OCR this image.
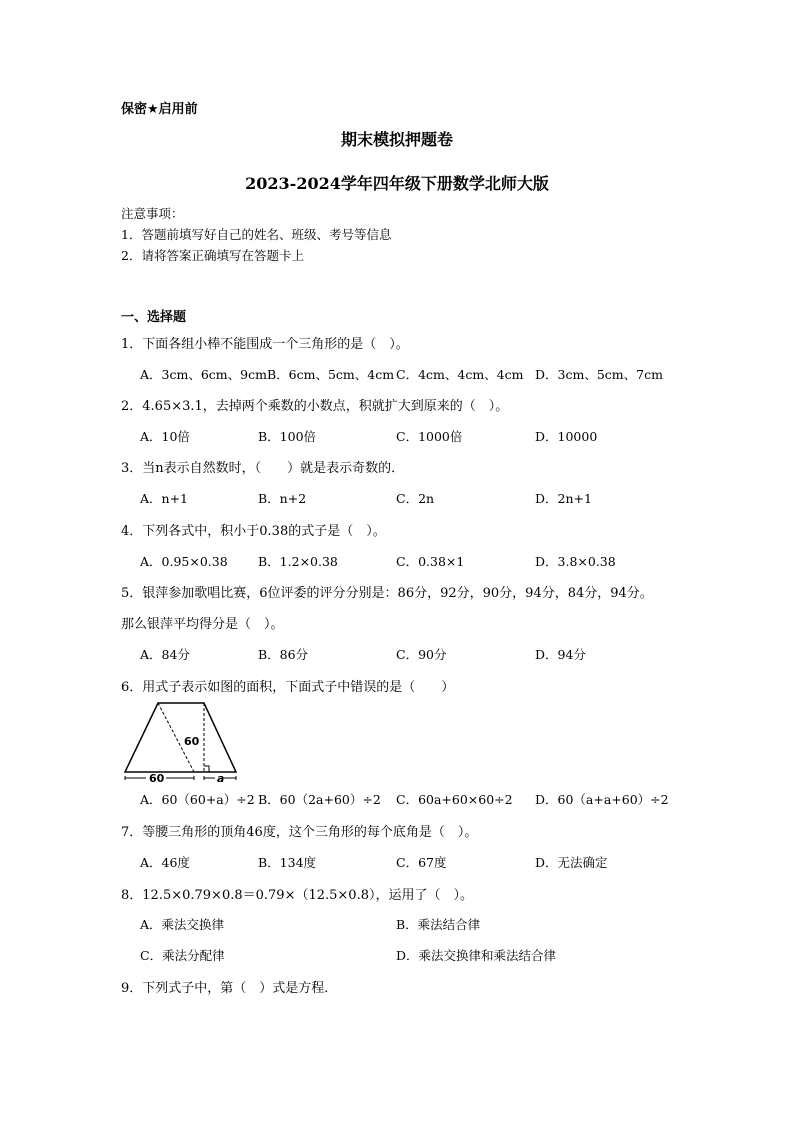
保密★启用前
期末模拟押题卷
2023-2024学年四年级下册数学北师大版
注意事项：
1．答题前填写好自己的姓名、班级、考号等信息
2．请将答案正确填写在答题卡上
一、选择题
1．下面各组小棒不能围成一个三角形的是（　）。
A．3cm、6cm、9cmB．6cm、5cm、4cm C．4cm、4cm、4cm D．3cm、5cm、7cm
2．4.65×3.1，去掉两个乘数的小数点，积就扩大到原来的（　）。
A．10倍	B．100倍	C．1000倍	D．10000
3．当n表示自然数时，（　　）就是表示奇数的．
A．n+1	B．n+2	C．2n	D．2n+1
4．下列各式中，积小于0.38的式子是（　）。
A．0.95×0.38 B．1.2×0.38	C．0.38×1	D．3.8×0.38
5．银萍参加歌唱比赛，6位评委的评分分别是：86分，92分，90分，94分，84分，94分。
那么银萍平均得分是（　）。
A．84分	B．86分	C．90分	D．94分
6．用式子表示如图的面积，下面式子中错误的是（　　）
60
60	a
A．60（60+a）÷2 B．60（2a+60）÷2 C．60a+60×60÷2 D．60（a+a+60）÷2
7．等腰三角形的顶角46度，这个三角形的每个底角是（　）。
A．46度	B．134度	C．67度	D．无法确定
8．12.5×0.79×0.8＝0.79×（12.5×0.8），运用了（　）。
A．乘法交换律	B．乘法结合律
C．乘法分配律	D．乘法交换律和乘法结合律
9．下列式子中，第（　）式是方程．
